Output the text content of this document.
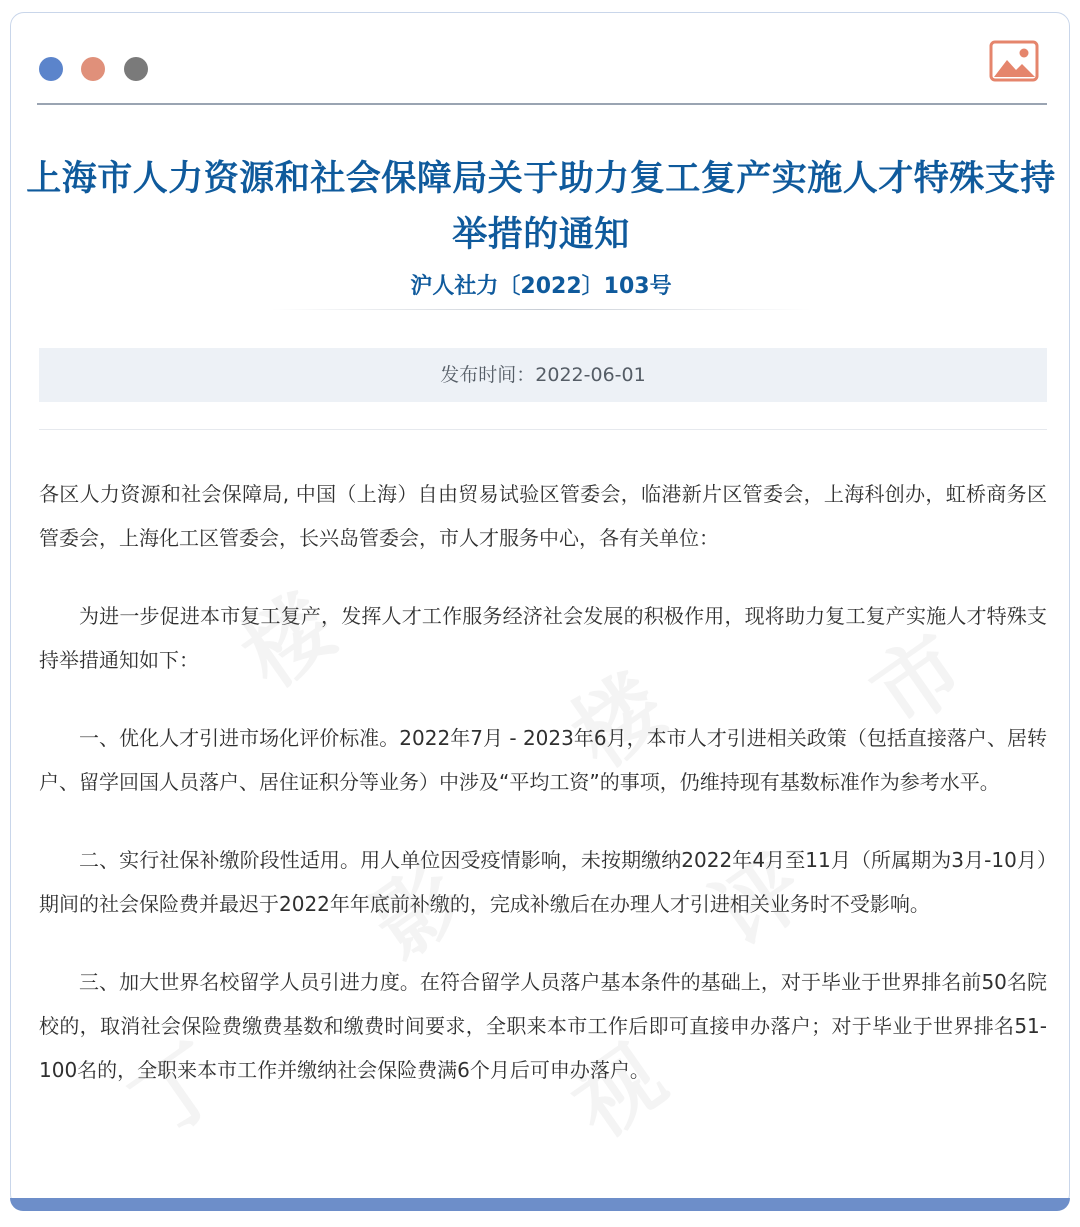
上海市人力资源和社会保障局关于助力复工复产实施人才特殊支持
举措的通知
沪人社力〔2022〕103号
发布时间：2022-06-01
楼
楼 市
影 评
丁	视

各区人力资源和社会保障局, 中国（上海）自由贸易试验区管委会，临港新片区管委会，上海科创办，虹桥商务区管委会，上海化工区管委会，长兴岛管委会，市人才服务中心，各有关单位：

为进一步促进本市复工复产，发挥人才工作服务经济社会发展的积极作用，现将助力复工复产实施人才特殊支持举措通知如下：

一、优化人才引进市场化评价标准。2022年7月 - 2023年6月，本市人才引进相关政策（包括直接落户、居转户、留学回国人员落户、居住证积分等业务）中涉及“平均工资”的事项，仍维持现有基数标准作为参考水平。

二、实行社保补缴阶段性适用。用人单位因受疫情影响，未按期缴纳2022年4月至11月（所属期为3月-10月）期间的社会保险费并最迟于2022年年底前补缴的，完成补缴后在办理人才引进相关业务时不受影响。

三、加大世界名校留学人员引进力度。在符合留学人员落户基本条件的基础上，对于毕业于世界排名前50名院校的，取消社会保险费缴费基数和缴费时间要求，全职来本市工作后即可直接申办落户；对于毕业于世界排名51-100名的，全职来本市工作并缴纳社会保险费满6个月后可申办落户。
